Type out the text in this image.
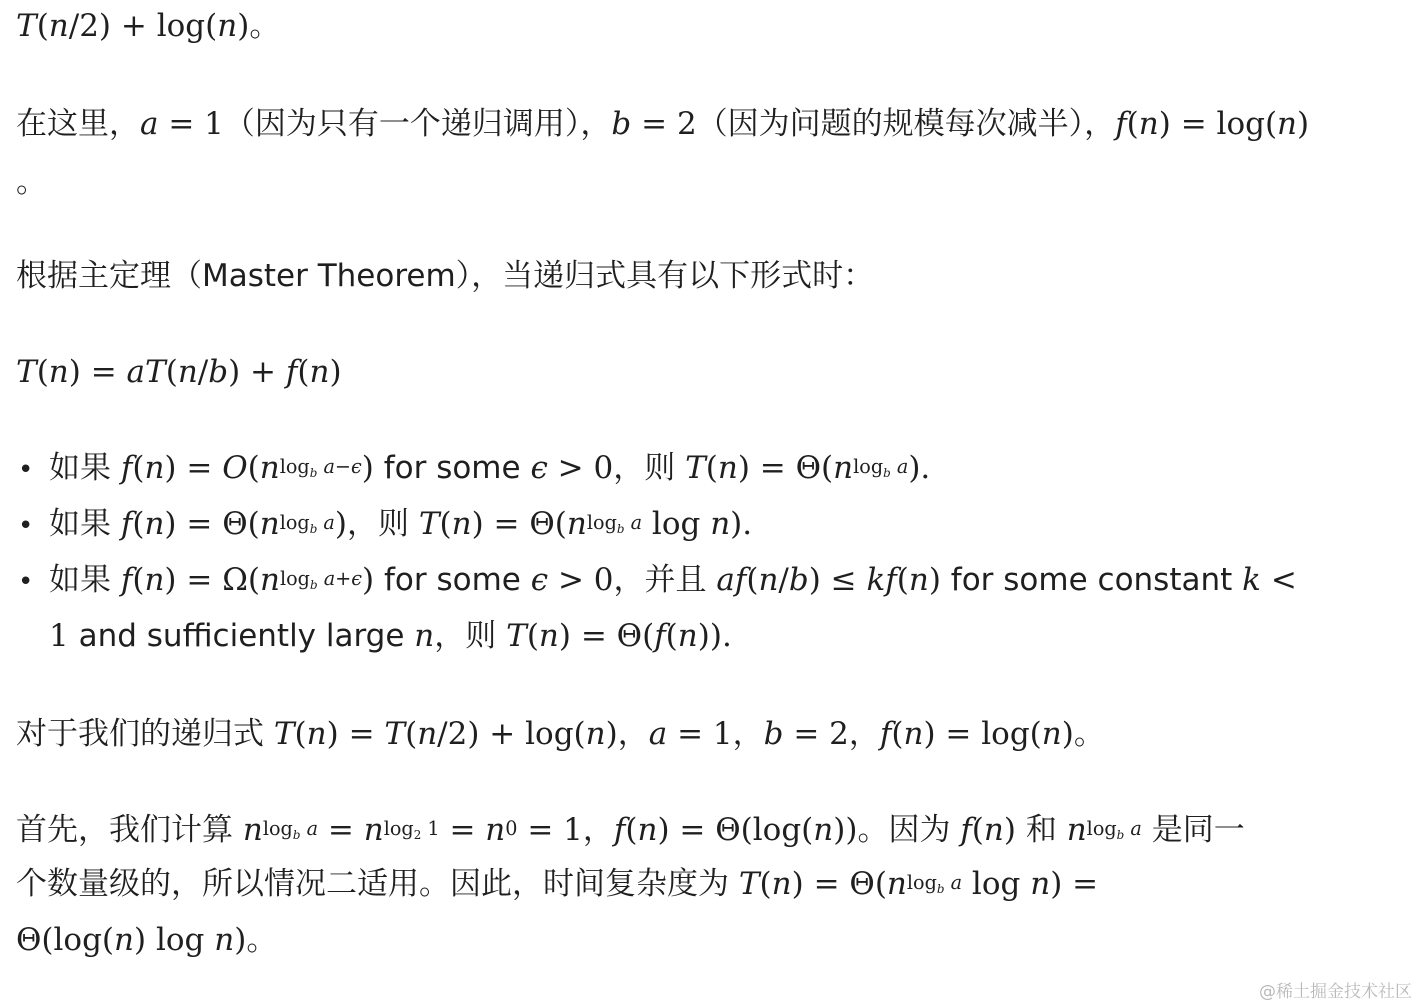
T(n/2) + log(n)。
在这里，a = 1（因为只有一个递归调用），b = 2（因为问题的规模每次减半），f(n) = log(n)
。
根据主定理（Master Theorem），当递归式具有以下形式时：
T(n) = aT(n/b) + f(n)
• 如果 $f(n) = O(n^{log_b a-\epsilon})$ for some ϵ > 0，则 $T(n) = \Theta(n^{log_b a})$.
• 如果 $f(n) = \Theta(n^{log_b a})$，则 $T(n) = \Theta(n^{log_b a}$ log n).
• 如果 $f(n) = \Omega(n^{log_b a+\epsilon})$ for some ϵ > 0，并且 af(n/b) ≤ kf(n) for some constant k <
1 and sufficiently large n，则 T(n) = Θ(f(n)).
对于我们的递归式 T(n) = T(n/2) + log(n)，a = 1，b = 2，f(n) = log(n)。
首先，我们计算 $n^{log_b a} = n^{log_2 1} = n^0 = 1$，f(n) = Θ(log(n))。因为 f(n) 和 $n^{log_b a}$ 是同一
个数量级的，所以情况二适用。因此，时间复杂度为 $T(n) = \Theta(n^{log_b a}$ log n) =
Θ(log(n) log n)。
@稀土掘金技术社区
